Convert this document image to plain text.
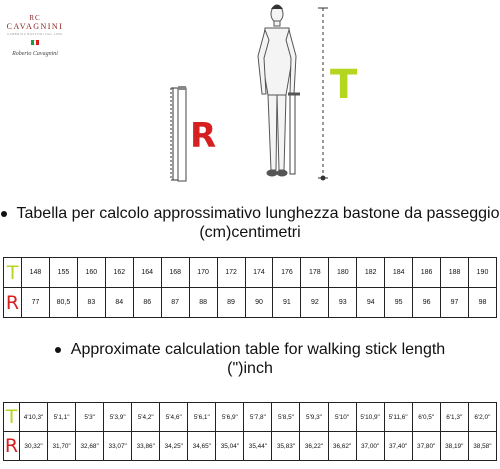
RC
CAVAGNINI
FABBRICA BASTONI DAL 1956
Roberto Cavagnini
R
T
Tabella per calcolo approssimativo lunghezza bastone da passeggio
(cm)centimetri
T	148	155	160	162	164	168	170	172	174	176	178	180	182	184	186	188	190
R	77	80,5	83	84	86	87	88	89	90	91	92	93	94	95	96	97	98
Approximate calculation table for walking stick length
(")inch
T	4'10,3"	5'1,1"	5'3"	5'3,9"	5'4,2"	5'4,6"	5'6,1"	5'6,9"	5'7,8"	5'8,5"	5'9,3"	5'10"	5'10,9"	5'11,6"	6'0,5"	6'1,3"	6'2,0"
R	30,32"	31,70"	32,68"	33,07"	33,86"	34,25"	34,65"	35,04"	35,44"	35,83"	36,22"	36,62"	37,00"	37,40"	37,80"	38,19"	38,58"
